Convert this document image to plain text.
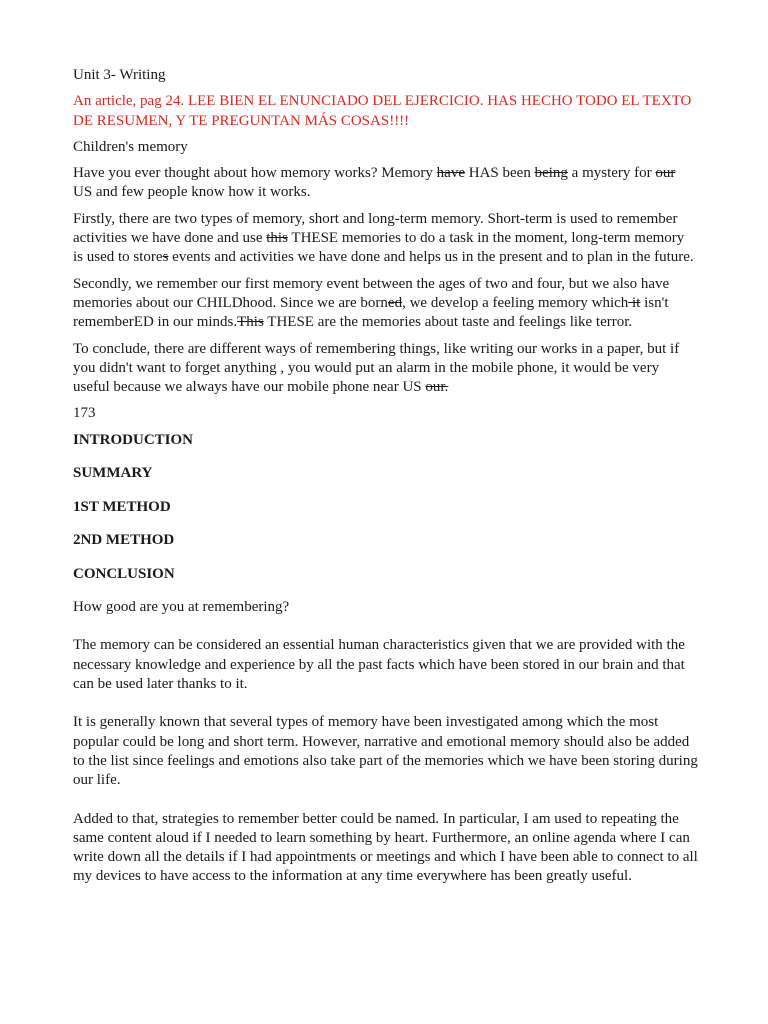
Unit 3- Writing

An article, pag 24. LEE BIEN EL ENUNCIADO DEL EJERCICIO. HAS HECHO TODO EL TEXTO DE RESUMEN, Y TE PREGUNTAN MÁS COSAS!!!!

Children's memory

Have you ever thought about how memory works? Memory have HAS been being a mystery for our US and few people know how it works.

Firstly, there are two types of memory, short and long-term memory. Short-term is used to remember activities we have done and use this THESE memories to do a task in the moment, long-term memory is used to stores events and activities we have done and helps us in the present and to plan in the future.

Secondly, we remember our first memory event between the ages of two and four, but we also have memories about our CHILDhood. Since we are borned, we develop a feeling memory which it isn't rememberED in our minds.This THESE are the memories about taste and feelings like terror.

To conclude, there are different ways of remembering things, like writing our works in a paper, but if you didn't want to forget anything , you would put an alarm in the mobile phone, it would be very useful because we always have our mobile phone near US our.

173

INTRODUCTION

SUMMARY

1ST METHOD

2ND METHOD

CONCLUSION

How good are you at remembering?

The memory can be considered an essential human characteristics given that we are provided with the necessary knowledge and experience by all the past facts which have been stored in our brain and that can be used later thanks to it.

It is generally known that several types of memory have been investigated among which the most popular could be long and short term. However, narrative and emotional memory should also be added to the list since feelings and emotions also take part of the memories which we have been storing during our life.

Added to that, strategies to remember better could be named. In particular, I am used to repeating the same content aloud if I needed to learn something by heart. Furthermore, an online agenda where I can write down all the details if I had appointments or meetings and which I have been able to connect to all my devices to have access to the information at any time everywhere has been greatly useful.
